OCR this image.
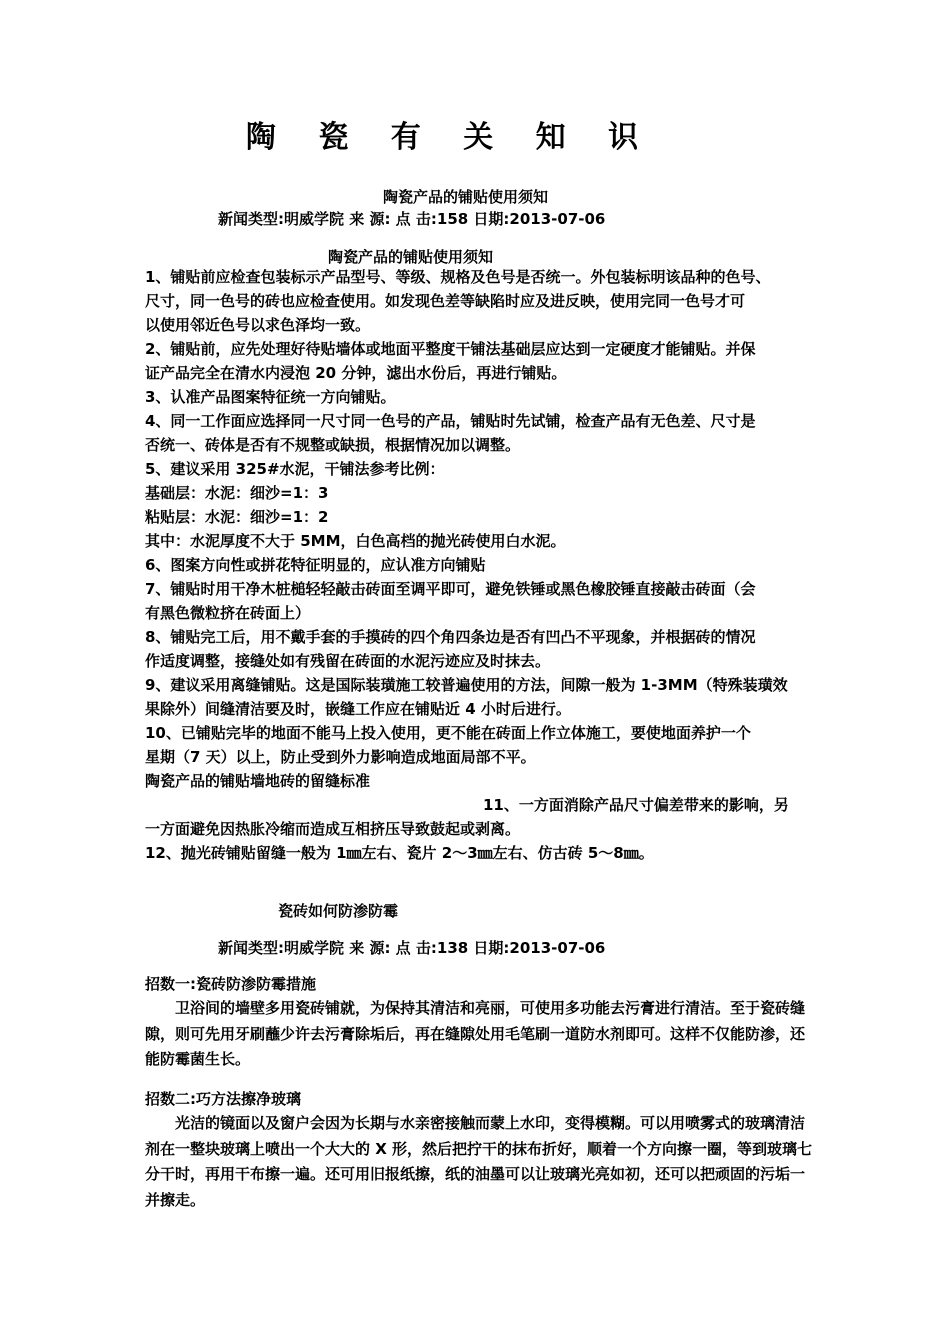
陶 瓷 有 关 知 识
陶瓷产品的铺贴使用须知
新闻类型:明威学院 来 源: 点 击:158 日期:2013-07-06
陶瓷产品的铺贴使用须知
1、铺贴前应检查包装标示产品型号、等级、规格及色号是否统一。外包装标明该品种的色号、
尺寸，同一色号的砖也应检查使用。如发现色差等缺陷时应及进反映，使用完同一色号才可
以使用邻近色号以求色泽均一致。
2、铺贴前，应先处理好待贴墙体或地面平整度干铺法基础层应达到一定硬度才能铺贴。并保
证产品完全在清水内浸泡 20 分钟，滤出水份后，再进行铺贴。
3、认准产品图案特征统一方向铺贴。
4、同一工作面应选择同一尺寸同一色号的产品，铺贴时先试铺，检查产品有无色差、尺寸是
否统一、砖体是否有不规整或缺损，根据情况加以调整。
5、建议采用 325#水泥，干铺法参考比例：
基础层：水泥：细沙=1：3
粘贴层：水泥：细沙=1：2
其中：水泥厚度不大于 5MM，白色高档的抛光砖使用白水泥。
6、图案方向性或拼花特征明显的，应认准方向铺贴
7、铺贴时用干净木桩槌轻轻敲击砖面至调平即可，避免铁锤或黑色橡胶锤直接敲击砖面（会
有黑色微粒挤在砖面上）
8、铺贴完工后，用不戴手套的手摸砖的四个角四条边是否有凹凸不平现象，并根据砖的情况
作适度调整，接缝处如有残留在砖面的水泥污迹应及时抹去。
9、建议采用离缝铺贴。这是国际装璜施工较普遍使用的方法，间隙一般为 1-3MM（特殊装璜效
果除外）间缝清洁要及时，嵌缝工作应在铺贴近 4 小时后进行。
10、已铺贴完毕的地面不能马上投入使用，更不能在砖面上作立体施工，要使地面养护一个
星期（7 天）以上，防止受到外力影响造成地面局部不平。
陶瓷产品的铺贴墙地砖的留缝标准
11、一方面消除产品尺寸偏差带来的影响，另
一方面避免因热胀冷缩而造成互相挤压导致鼓起或剥离。
12、抛光砖铺贴留缝一般为 1㎜左右、瓷片 2～3㎜左右、仿古砖 5～8㎜。
瓷砖如何防渗防霉
新闻类型:明威学院 来 源: 点 击:138 日期:2013-07-06
招数一:瓷砖防渗防霉措施
卫浴间的墙壁多用瓷砖铺就，为保持其清洁和亮丽，可使用多功能去污膏进行清洁。至于瓷砖缝隙，则可先用牙刷蘸少许去污膏除垢后，再在缝隙处用毛笔刷一道防水剂即可。这样不仅能防渗，还能防霉菌生长。
招数二:巧方法擦净玻璃
光洁的镜面以及窗户会因为长期与水亲密接触而蒙上水印，变得模糊。可以用喷雾式的玻璃清洁剂在一整块玻璃上喷出一个大大的 X 形，然后把拧干的抹布折好，顺着一个方向擦一圈，等到玻璃七分干时，再用干布擦一遍。还可用旧报纸擦，纸的油墨可以让玻璃光亮如初，还可以把顽固的污垢一并擦走。
